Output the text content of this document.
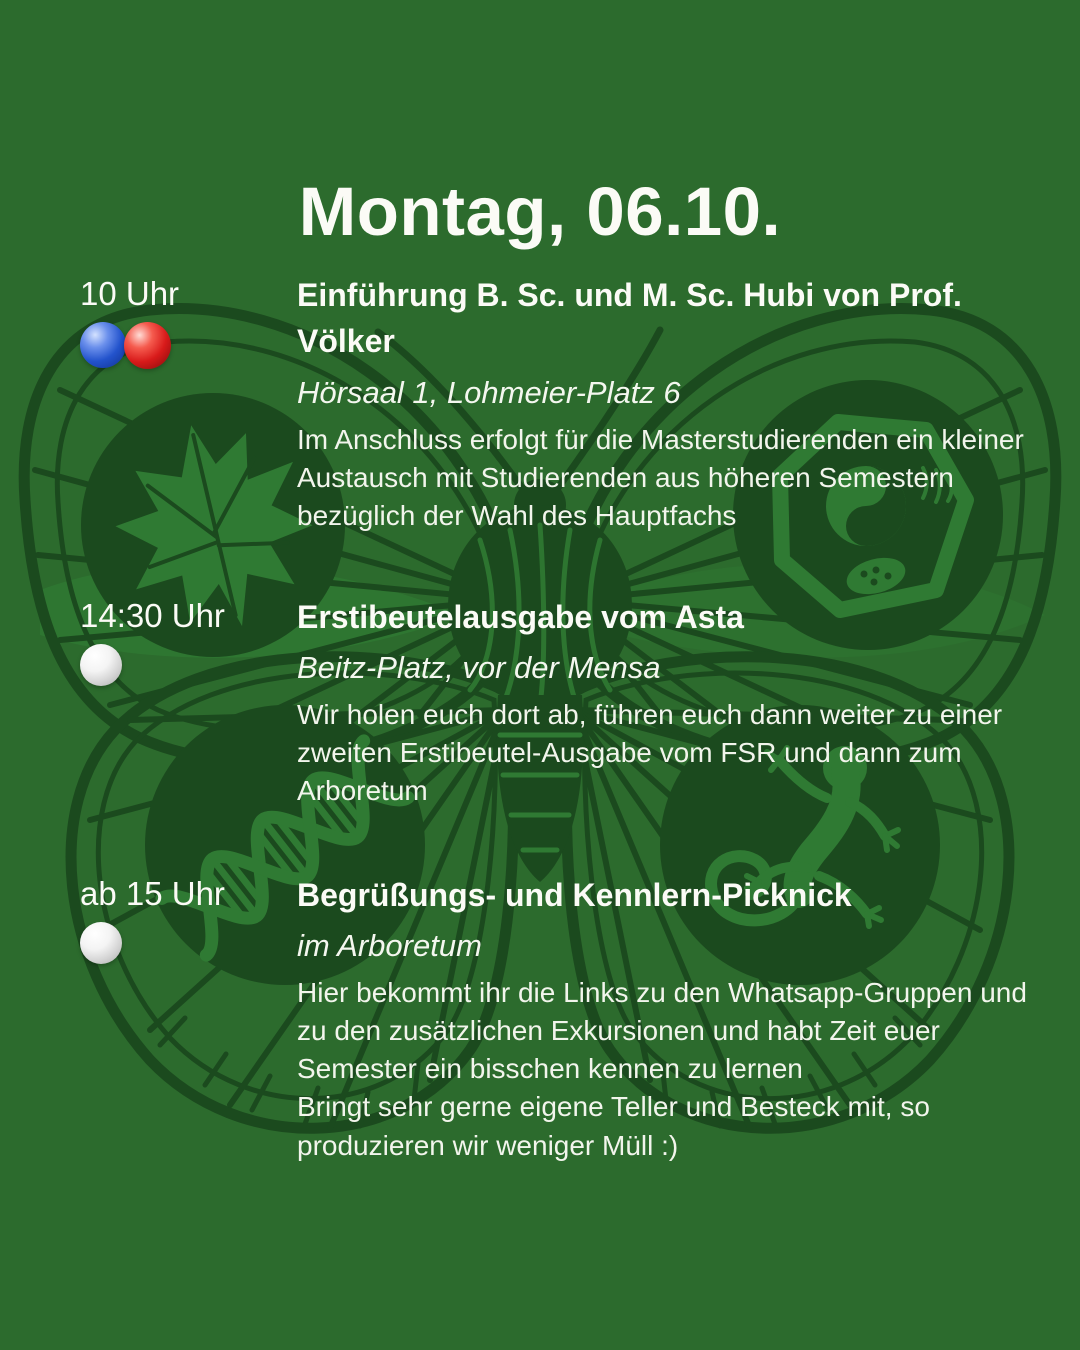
Montag, 06.10.
10 Uhr	Einführung B. Sc. und M. Sc. Hubi von Prof. Völker
Hörsaal 1, Lohmeier-Platz 6

Im Anschluss erfolgt für die Masterstudierenden ein kleiner Austausch mit Studierenden aus höheren Semestern bezüglich der Wahl des Hauptfachs

14:30 Uhr	Erstibeutelausgabe vom Asta
Beitz-Platz, vor der Mensa

Wir holen euch dort ab, führen euch dann weiter zu einer zweiten Erstibeutel-Ausgabe vom FSR und dann zum Arboretum

ab 15 Uhr	Begrüßungs- und Kennlern-Picknick
im Arboretum

Hier bekommt ihr die Links zu den Whatsapp-Gruppen und zu den zusätzlichen Exkursionen und habt Zeit euer Semester ein bisschen kennen zu lernen

Bringt sehr gerne eigene Teller und Besteck mit, so produzieren wir weniger Müll :)
